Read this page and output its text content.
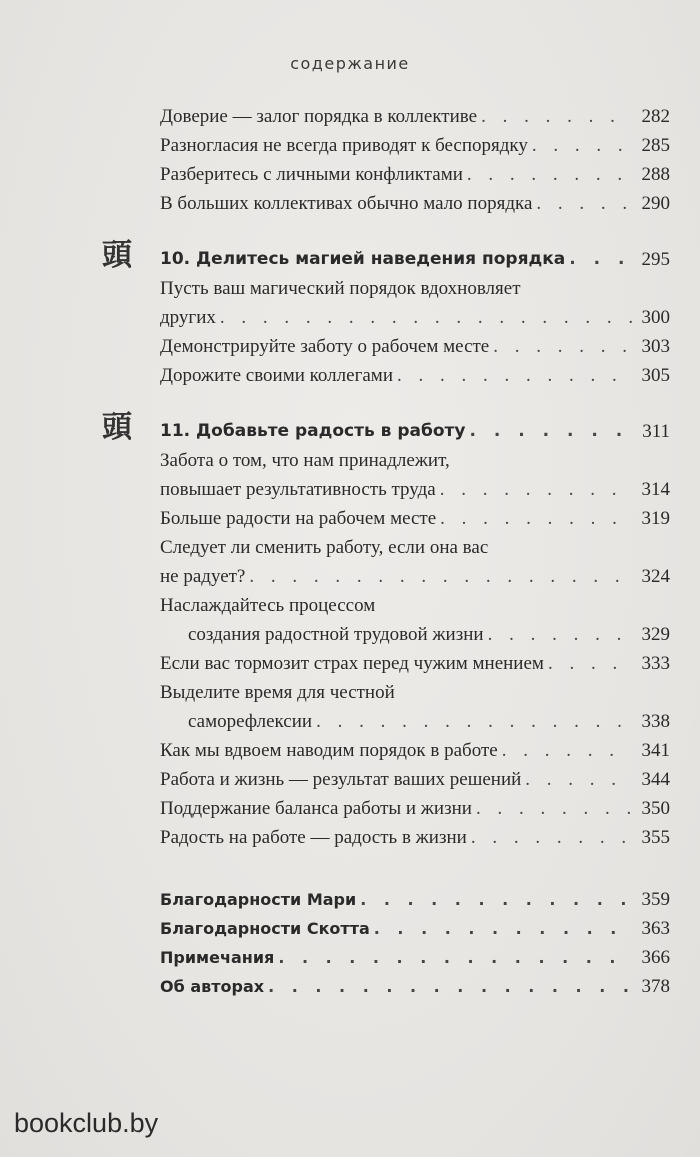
содержание
Доверие — залог порядка в коллективе . . .	282
Разногласия не всегда приводят к беспорядку . . .	285
Разберитесь с личными конфликтами . . .	288
В больших коллективах обычно мало порядка . . .	290
頭 10. Делитесь магией наведения порядка . . .	295
Пусть ваш магический порядок вдохновляет
других . . .	300
Демонстрируйте заботу о рабочем месте . . .	303
Дорожите своими коллегами . . .	305
頭 11. Добавьте радость в работу . . .	311
Забота о том, что нам принадлежит,
повышает результативность труда . . .	314
Больше радости на рабочем месте . . .	319
Следует ли сменить работу, если она вас
не радует? . . .	324
Наслаждайтесь процессом
создания радостной трудовой жизни . . .	329
Если вас тормозит страх перед чужим мнением . . .	333
Выделите время для честной
саморефлексии . . .	338
Как мы вдвоем наводим порядок в работе . . .	341
Работа и жизнь — результат ваших решений . . .	344
Поддержание баланса работы и жизни . . .	350
Радость на работе — радость в жизни . . .	355
Благодарности Мари . . .	359
Благодарности Скотта . . .	363
Примечания . . .	366
Об авторах . . .	378
bookclub.by
